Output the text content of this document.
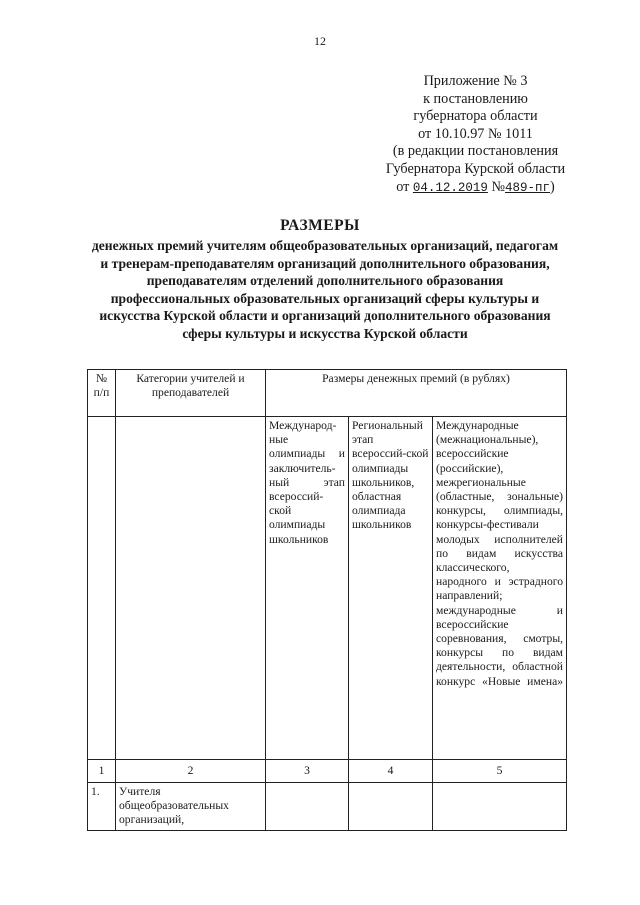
12
Приложение № 3
к постановлению
губернатора области
от 10.10.97 № 1011
(в редакции постановления
Губернатора Курской области
от 04.12.2019 №489-пг)
РАЗМЕРЫ
денежных премий учителям общеобразовательных организаций, педагогам и тренерам-преподавателям организаций дополнительного образования, преподавателям отделений дополнительного образования профессиональных образовательных организаций сферы культуры и искусства Курской области и организаций дополнительного образования сферы культуры и искусства Курской области
№ п/п	Категории учителей и преподавателей	Размеры денежных премий (в рублях)		
		Международ-ные олимпиады и заключитель-ный этап всероссий-ской олимпиады школьников	Региональный этап всероссий-ской олимпиады школьников, областная олимпиада школьников	Международные (межнациональные), всероссийские (российские), межрегиональные (областные, зональные) конкурсы, олимпиады, конкурсы-фестивали молодых исполнителей по видам искусства классического, народного и эстрадного направлений; международные и всероссийские соревнования, смотры, конкурсы по видам деятельности, областной конкурс «Новые имена»
1	2	3	4	5
1.	Учителя общеобразовательных организаций,			
